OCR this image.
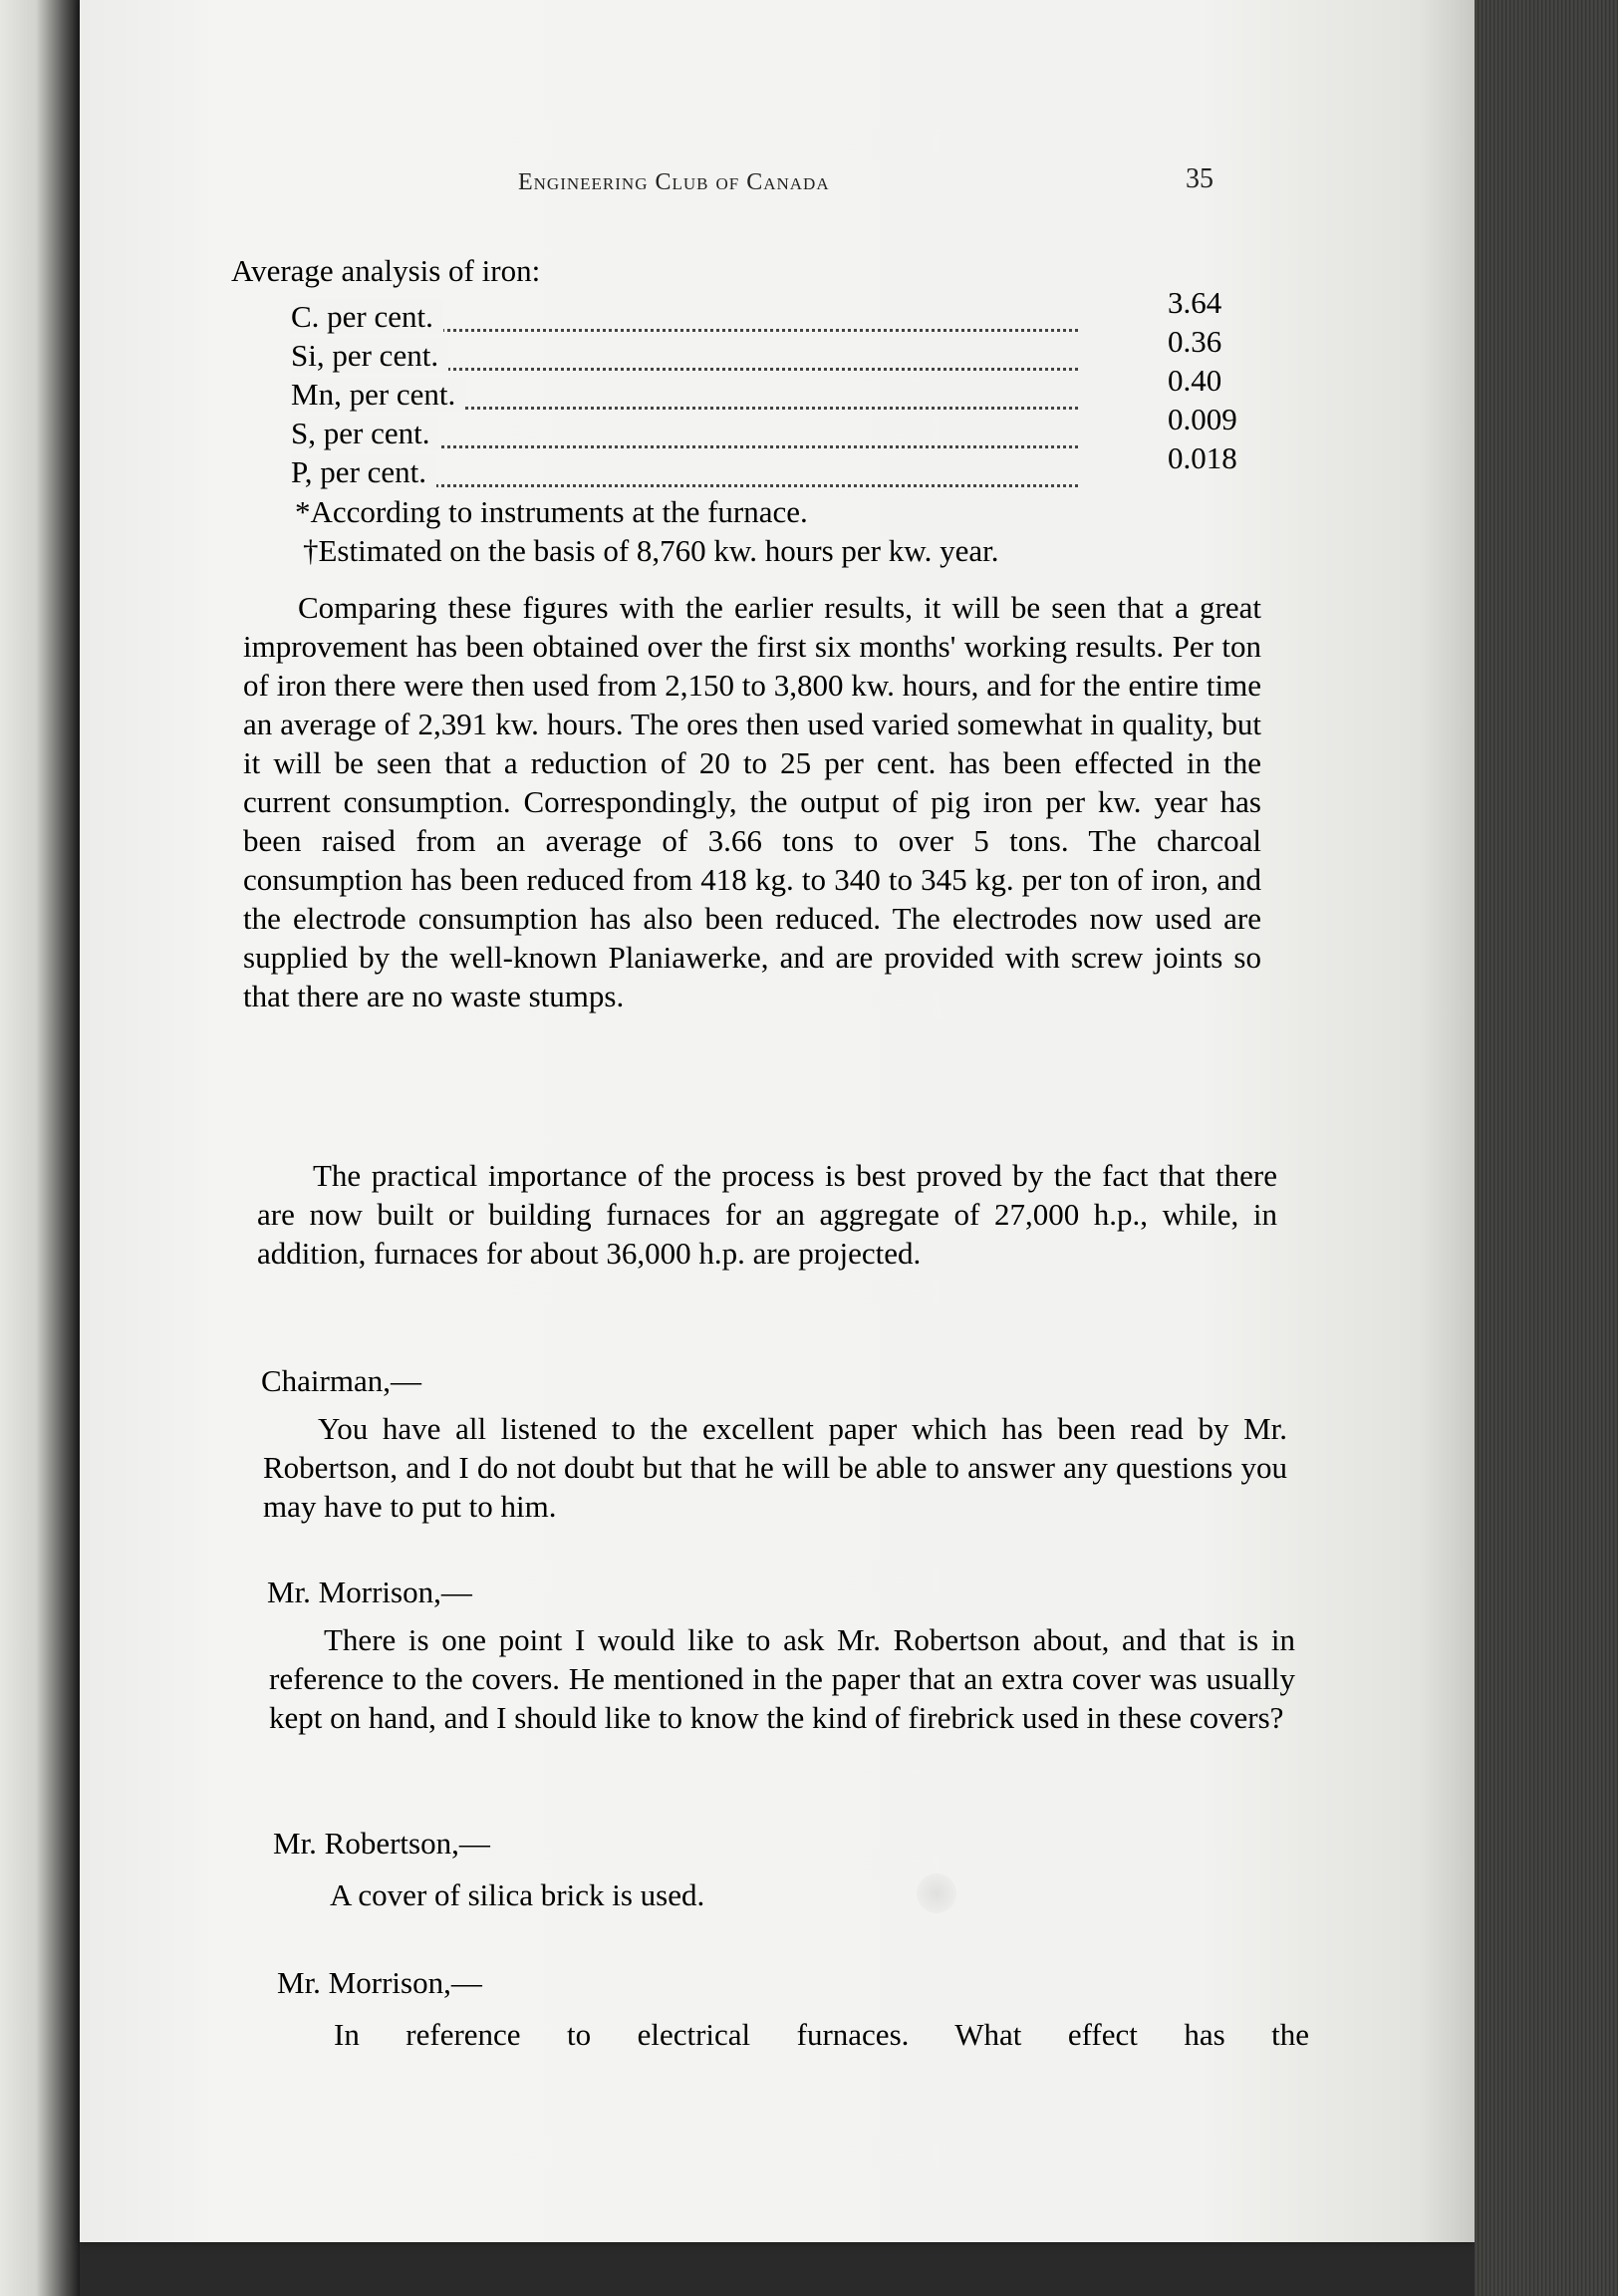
Engineering Club of Canada	35
Average analysis of iron:
C. per cent.	3.64
Si, per cent.	0.36
Mn, per cent.	0.40
S, per cent.	0.009
P, per cent.	0.018
*According to instruments at the furnace.
†Estimated on the basis of 8,760 kw. hours per kw. year.
Comparing these figures with the earlier results, it will be seen that a great improvement has been obtained over the first six months' working results. Per ton of iron there were then used from 2,150 to 3,800 kw. hours, and for the entire time an average of 2,391 kw. hours. The ores then used varied somewhat in quality, but it will be seen that a reduction of 20 to 25 per cent. has been effected in the current consumption. Correspondingly, the output of pig iron per kw. year has been raised from an average of 3.66 tons to over 5 tons. The charcoal consumption has been reduced from 418 kg. to 340 to 345 kg. per ton of iron, and the electrode consumption has also been reduced. The electrodes now used are supplied by the well-known Planiawerke, and are provided with screw joints so that there are no waste stumps.
The practical importance of the process is best proved by the fact that there are now built or building furnaces for an aggregate of 27,000 h.p., while, in addition, furnaces for about 36,000 h.p. are projected.
Chairman,—
You have all listened to the excellent paper which has been read by Mr. Robertson, and I do not doubt but that he will be able to answer any questions you may have to put to him.
Mr. Morrison,—
There is one point I would like to ask Mr. Robertson about, and that is in reference to the covers. He mentioned in the paper that an extra cover was usually kept on hand, and I should like to know the kind of firebrick used in these covers?
Mr. Robertson,—
A cover of silica brick is used.
Mr. Morrison,—
In reference to electrical furnaces. What effect has the
